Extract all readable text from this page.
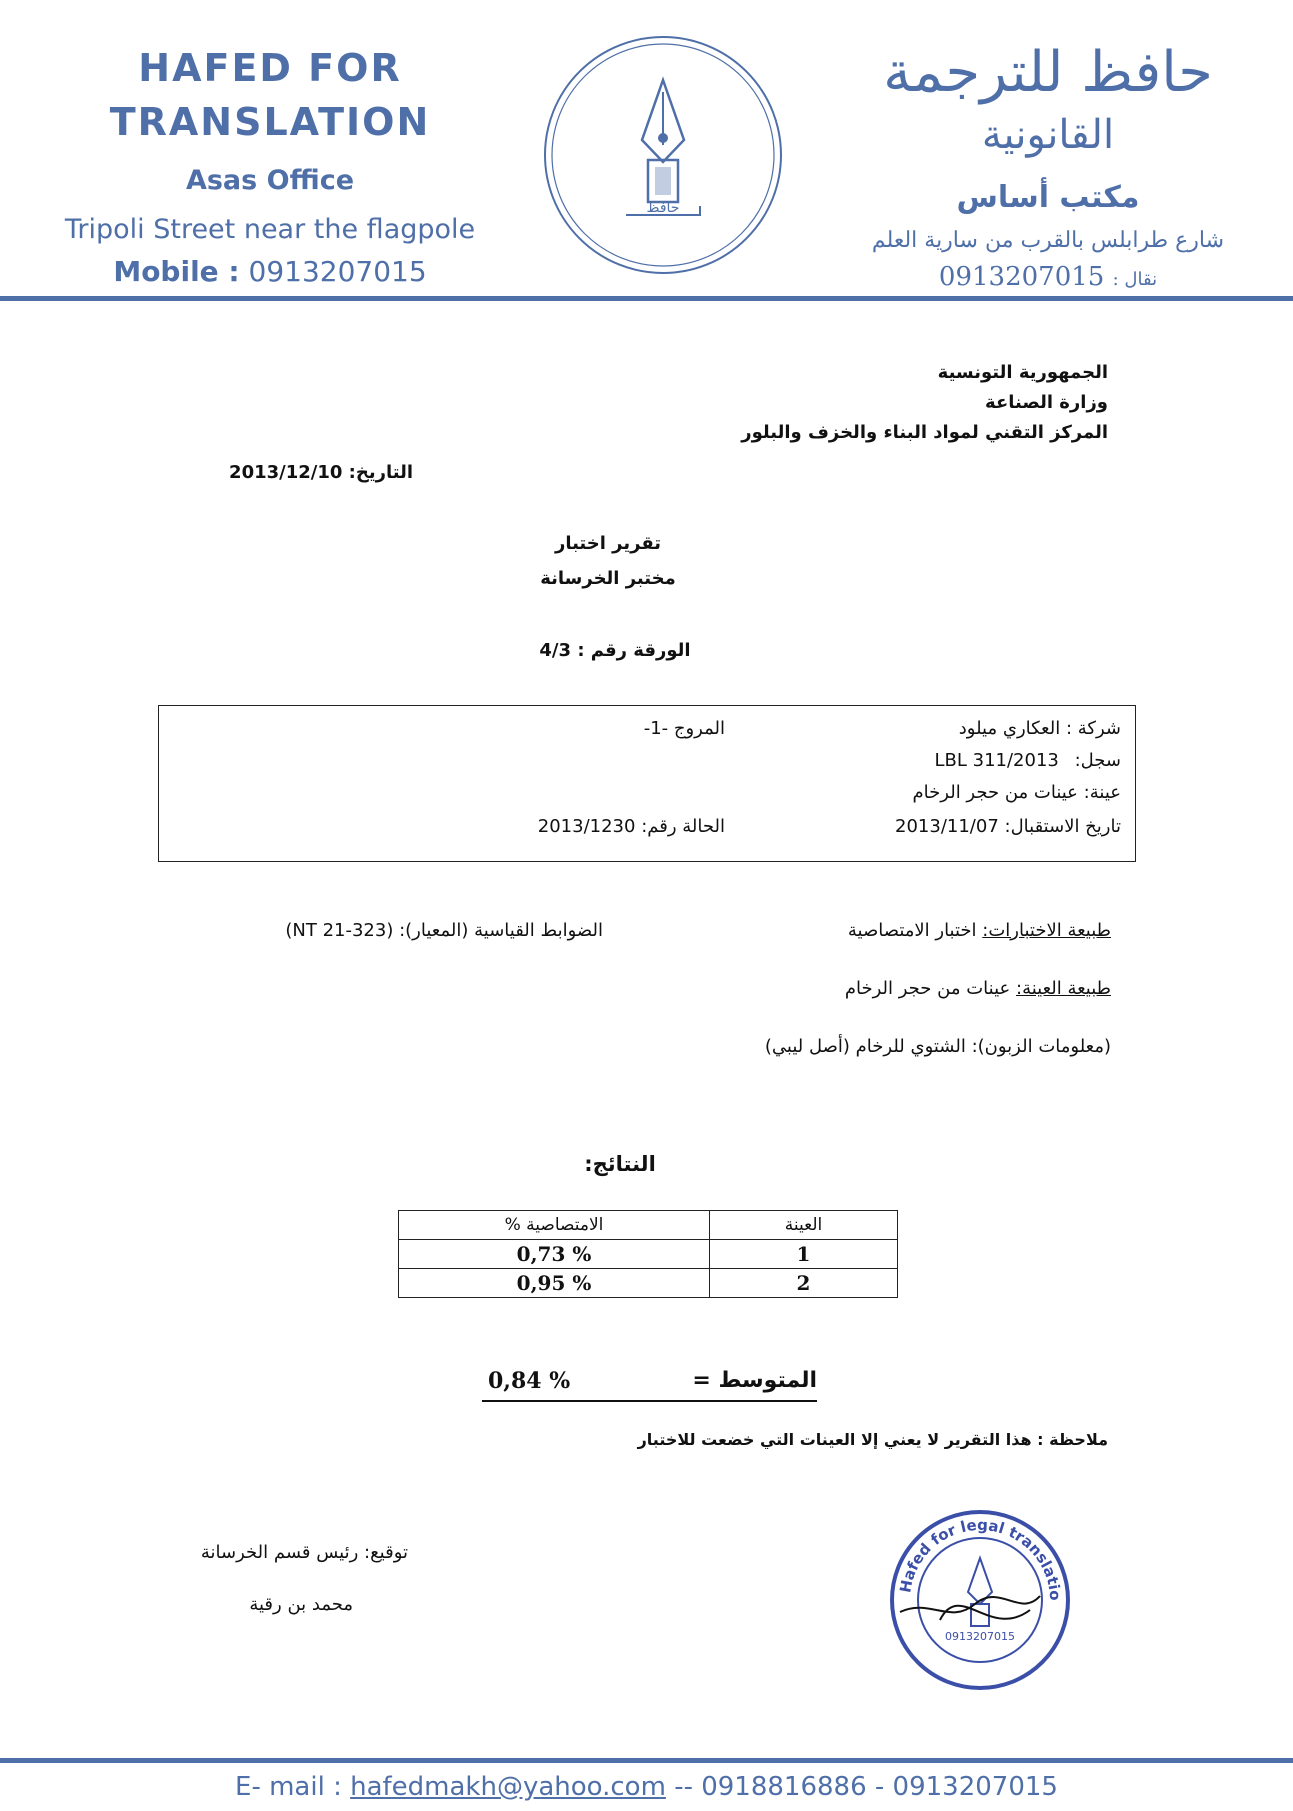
HAFED FOR
TRANSLATION
Asas Office
Tripoli Street near the flagpole
Mobile : 0913207015
حافظ
حافظ للترجمة
القانونية
مكتب أساس
شارع طرابلس بالقرب من سارية العلم
نقال : 0913207015
الجمهورية التونسية
وزارة الصناعة
المركز التقني لمواد البناء والخزف والبلور
التاريخ: 2013/12/10
تقرير اختبار
مختبر الخرسانة
الورقة رقم : 4/3
شركة : العكاري ميلود
المروج -1-
سجل: LBL 311/2013
عينة: عينات من حجر الرخام
تاريخ الاستقبال: 2013/11/07
الحالة رقم: 2013/1230
طبيعة الاختبارات: اختبار الامتصاصية
الضوابط القياسية (المعيار): (NT 21-323)
طبيعة العينة: عينات من حجر الرخام
(معلومات الزبون): الشتوي للرخام (أصل ليبي)
النتائج:
العينة	الامتصاصية %
1	% 0,73
2	% 0,95
المتوسط =
% 0,84
ملاحظة : هذا التقرير لا يعني إلا العينات التي خضعت للاختبار
توقيع: رئيس قسم الخرسانة
محمد بن رقية
Hafed for legal translatio
0913207015
E- mail : hafedmakh@yahoo.com -- 0918816886 - 0913207015
